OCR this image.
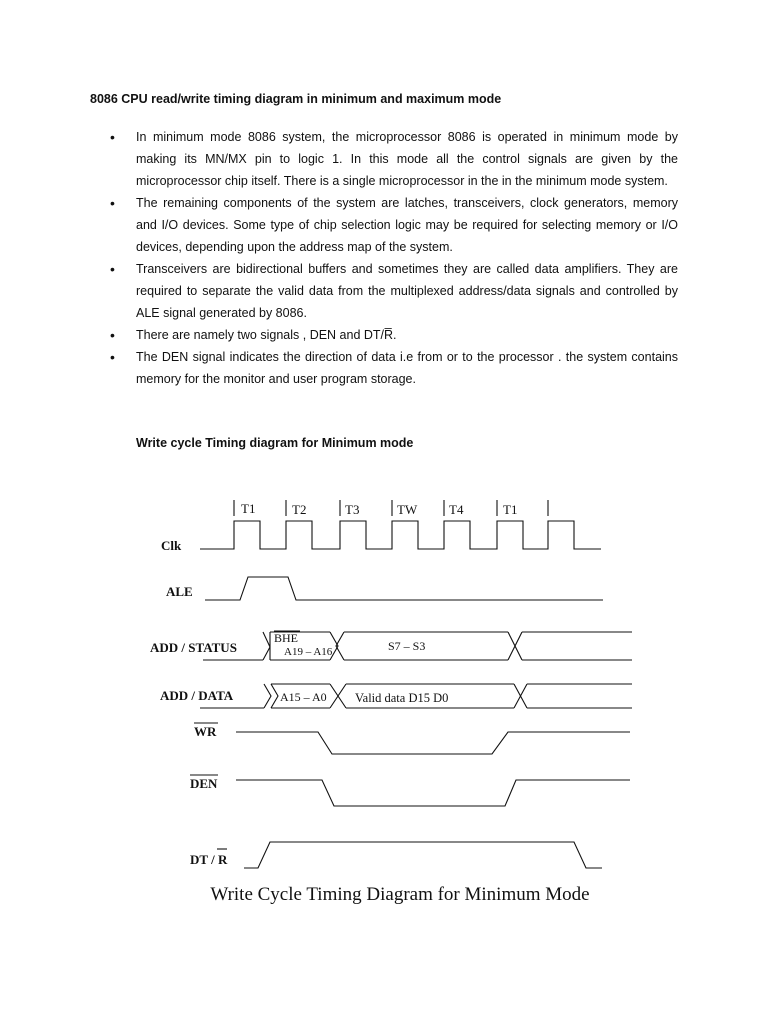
8086 CPU read/write timing diagram in minimum and maximum mode

• In minimum mode 8086 system, the microprocessor 8086 is operated in minimum mode by making its MN/MX pin to logic 1. In this mode all the control signals are given by the microprocessor chip itself. There is a single microprocessor in the in the minimum mode system.
• The remaining components of the system are latches, transceivers, clock generators, memory and I/O devices. Some type of chip selection logic may be required for selecting memory or I/O devices, depending upon the address map of the system.
• Transceivers are bidirectional buffers and sometimes they are called data amplifiers. They are required to separate the valid data from the multiplexed address/data signals and controlled by ALE signal generated by 8086.
• There are namely two signals , DEN and DT/R̅.
• The DEN signal indicates the direction of data i.e from or to the processor . the system contains memory for the monitor and user program storage.

Write cycle Timing diagram for Minimum mode

T1	T2	T3	TW T4	T1
Clk
ALE
ADD / STATUS
BHE
A19 – A16	S7 – S3
ADD / DATA	A15 – A0 Valid data D15 D0
WR
DEN
DT / R

Write Cycle Timing Diagram for Minimum Mode
